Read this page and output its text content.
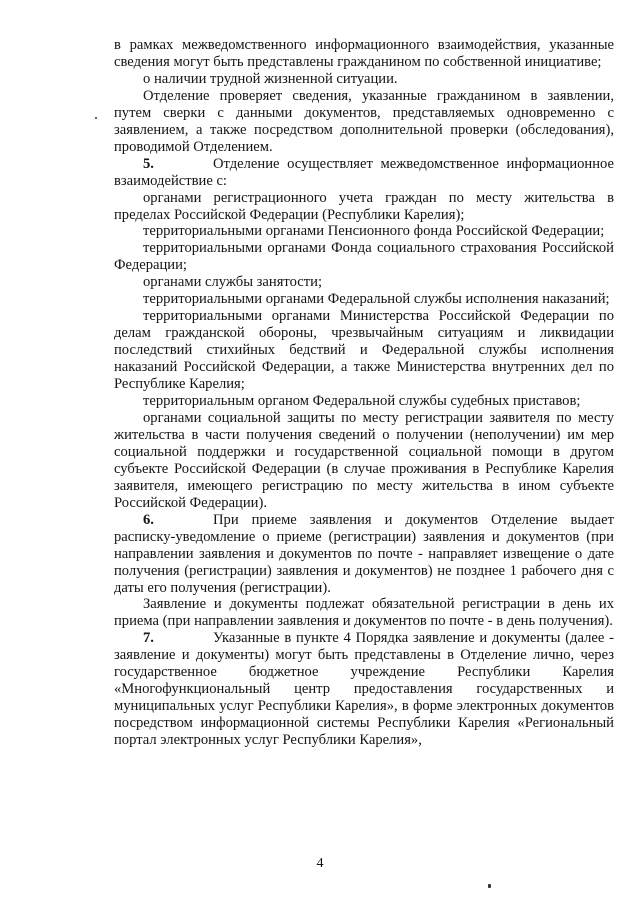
в рамках межведомственного информационного взаимодействия, указанные сведения могут быть представлены гражданином по собственной инициативе;

о наличии трудной жизненной ситуации.

Отделение проверяет сведения, указанные гражданином в заявлении, путем сверки с данными документов, представляемых одновременно с заявлением, а также посредством дополнительной проверки (обследования), проводимой Отделением.

5.	Отделение осуществляет межведомственное информационное взаимодействие с:

органами регистрационного учета граждан по месту жительства в пределах Российской Федерации (Республики Карелия);

территориальными органами Пенсионного фонда Российской Федерации;

территориальными органами Фонда социального страхования Российской Федерации;

органами службы занятости;

территориальными органами Федеральной службы исполнения наказаний;

территориальными органами Министерства Российской Федерации по делам гражданской обороны, чрезвычайным ситуациям и ликвидации последствий стихийных бедствий и Федеральной службы исполнения наказаний Российской Федерации, а также Министерства внутренних дел по Республике Карелия;

территориальным органом Федеральной службы судебных приставов;

органами социальной защиты по месту регистрации заявителя по месту жительства в части получения сведений о получении (неполучении) им мер социальной поддержки и государственной социальной помощи в другом субъекте Российской Федерации (в случае проживания в Республике Карелия заявителя, имеющего регистрацию по месту жительства в ином субъекте Российской Федерации).

6.	При приеме заявления и документов Отделение выдает расписку-уведомление о приеме (регистрации) заявления и документов (при направлении заявления и документов по почте - направляет извещение о дате получения (регистрации) заявления и документов) не позднее 1 рабочего дня с даты его получения (регистрации).

Заявление и документы подлежат обязательной регистрации в день их приема (при направлении заявления и документов по почте - в день получения).

7.	Указанные в пункте 4 Порядка заявление и документы (далее - заявление и документы) могут быть представлены в Отделение лично, через государственное бюджетное учреждение Республики Карелия «Многофункциональный центр предоставления государственных и муниципальных услуг Республики Карелия», в форме электронных документов посредством информационной системы Республики Карелия «Региональный портал электронных услуг Республики Карелия»,

4
